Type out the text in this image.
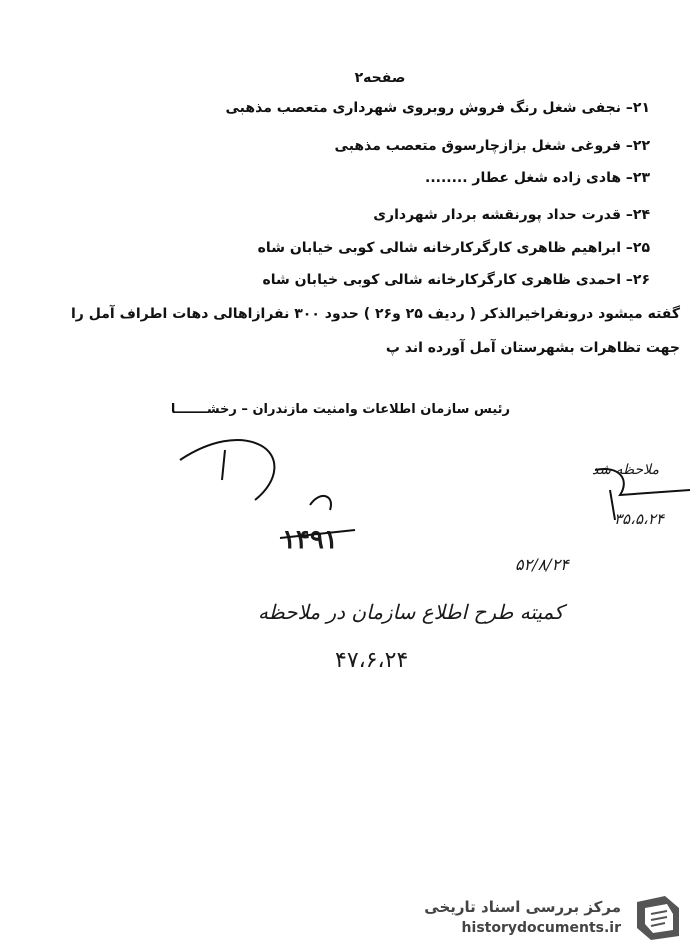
صفحه۲
۲۱– نجفی شغل رنگ فروش روبروی شهرداری متعصب مذهبی
۲۲– فروغی شغل بزازچارسوق متعصب مذهبی
۲۳– هادی زاده شغل عطار ........
۲۴– قدرت حداد پورنقشه بردار شهرداری
۲۵– ابراهیم ظاهری کارگرکارخانه شالی کوبی خیابان شاه
۲۶– احمدی ظاهری کارگرکارخانه شالی کوبی خیابان شاه
گفته میشود درونفراخیرالذکر ( ردیف ۲۵ و۲۶ ) حدود ۳۰۰ نفرازاهالی دهات اطراف آمل را
جهت تظاهرات بشهرستان آمل آورده اند پ
رئیس سازمان اطلاعات وامنیت مازندران – رخشـــــــا
ملاحظه شد
۳۵،۵،۲۴
۵۲/۸/۲۴
۱۴۹۱
کمیته طرح اطلاع سازمان در ملاحظه
۴۷،۶،۲۴
مرکز بررسی اسناد تاریخی
historydocuments.ir
